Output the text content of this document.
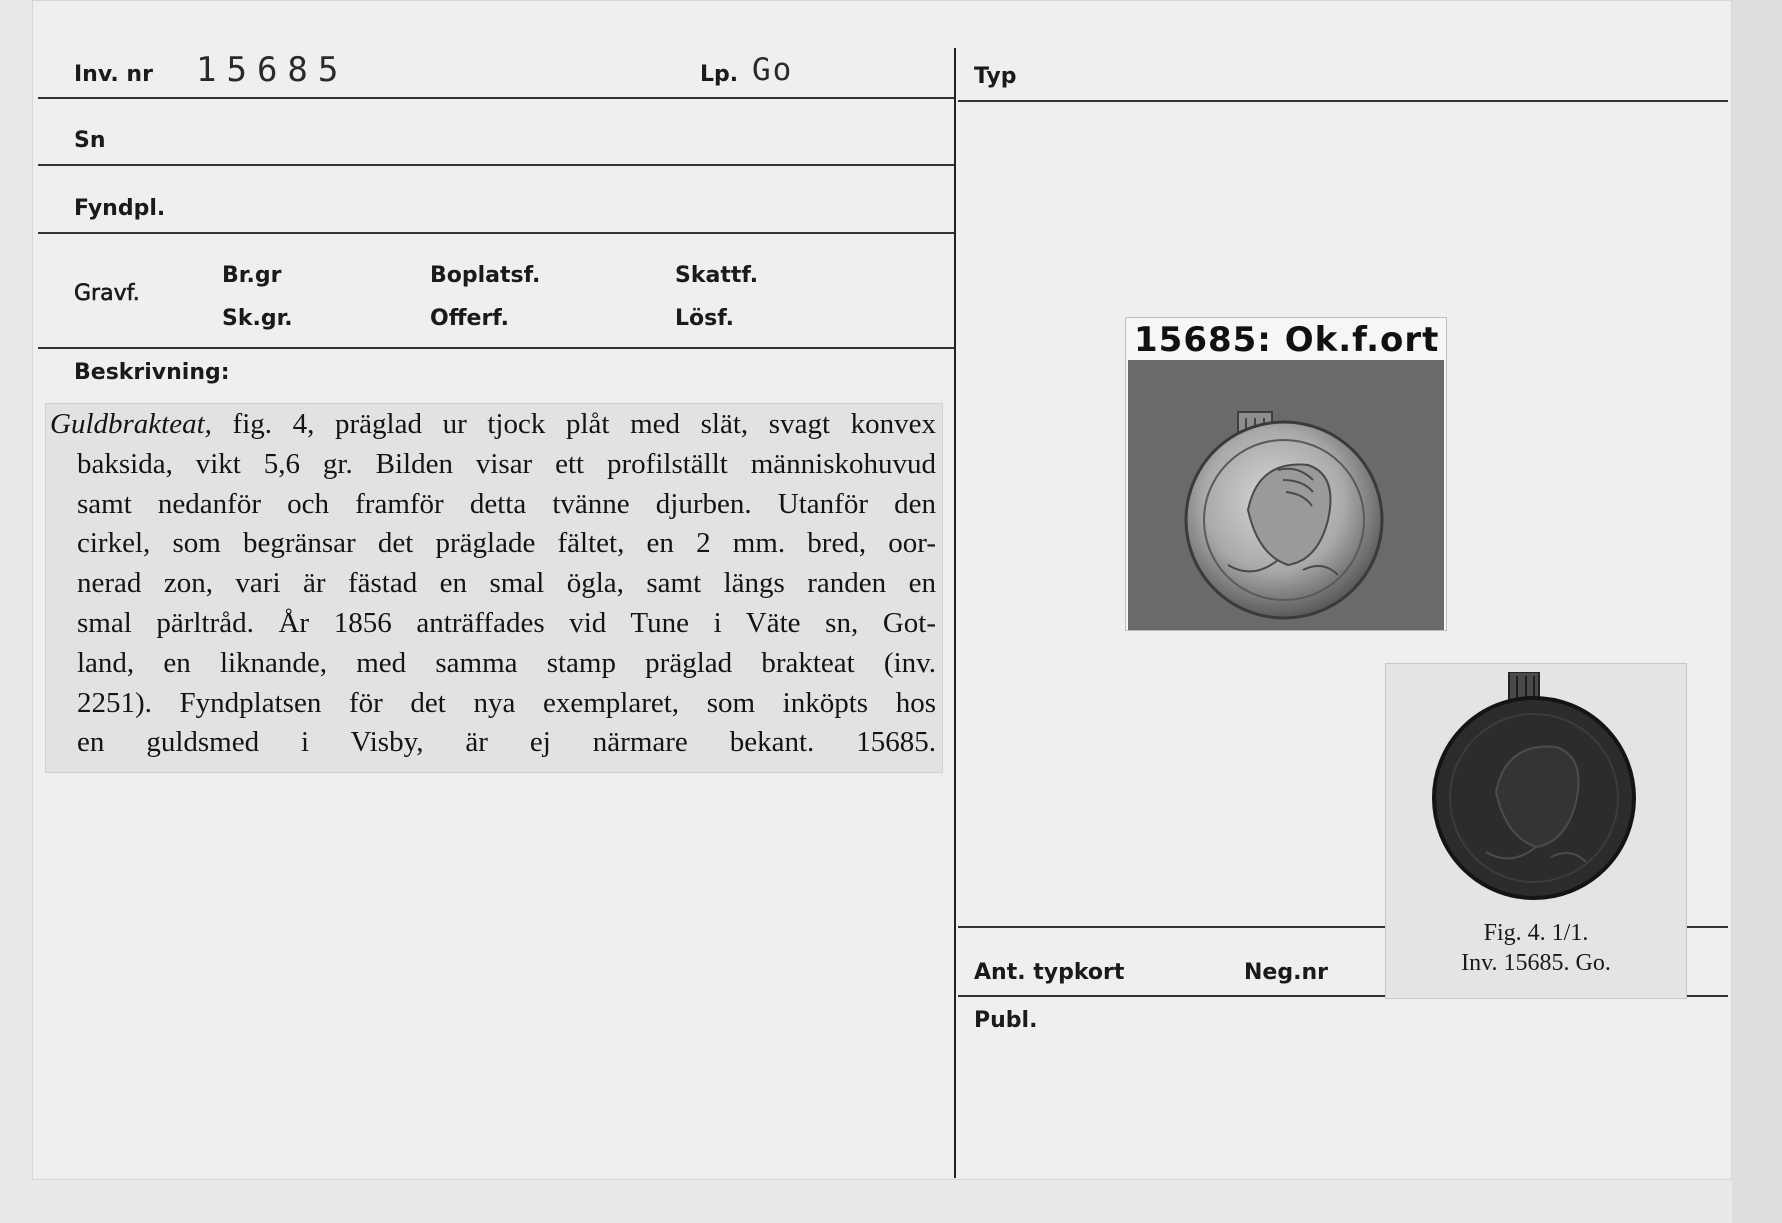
Inv. nr 15685	Lp. Go
Sn
Fyndpl.
Gravf.
Br.gr
Sk.gr.
Boplatsf.
Offerf.
Skattf.
Lösf.
Beskrivning:
Guldbrakteat, fig. 4, präglad ur tjock plåt med slät, svagt konvex
baksida, vikt 5,6 gr. Bilden visar ett profilställt människohuvud
samt nedanför och framför detta tvänne djurben. Utanför den
cirkel, som begränsar det präglade fältet, en 2 mm. bred, oor-
nerad zon, vari är fästad en smal ögla, samt längs randen en
smal pärltråd. År 1856 anträffades vid Tune i Väte sn, Got-
land, en liknande, med samma stamp präglad brakteat (inv.
2251). Fyndplatsen för det nya exemplaret, som inköpts hos
en guldsmed i Visby, är ej närmare bekant. 15685.
Typ
Ant. typkort	Neg.nr
Publ.
15685: Ok.f.ort
Fig. 4. 1/1.
Inv. 15685. Go.
